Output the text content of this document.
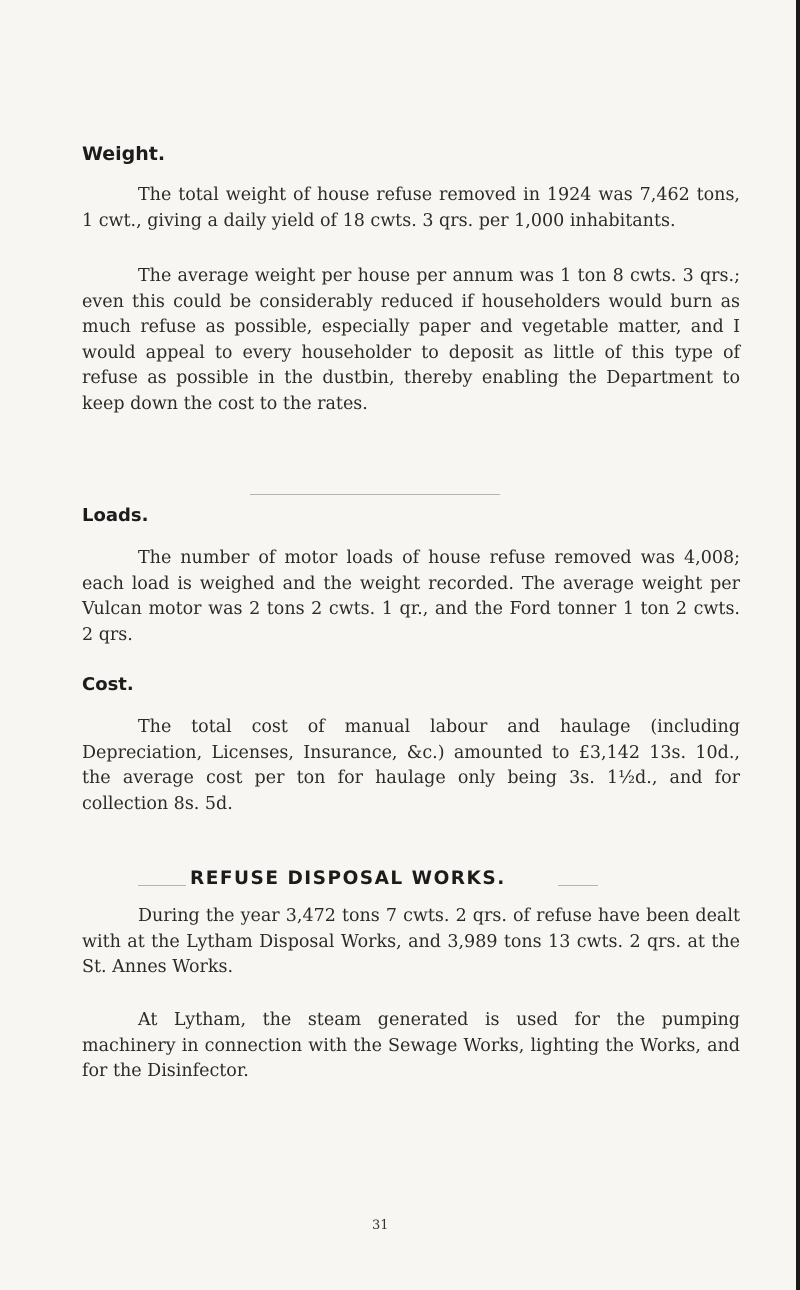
Weight.

The total weight of house refuse removed in 1924 was 7,462 tons, 1 cwt., giving a daily yield of 18 cwts. 3 qrs. per 1,000 inhabitants.

The average weight per house per annum was 1 ton 8 cwts. 3 qrs.; even this could be considerably reduced if householders would burn as much refuse as possible, especially paper and vegetable matter, and I would appeal to every householder to deposit as little of this type of refuse as possible in the dustbin, thereby enabling the Department to keep down the cost to the rates.

Loads.

The number of motor loads of house refuse removed was 4,008; each load is weighed and the weight recorded. The average weight per Vulcan motor was 2 tons 2 cwts. 1 qr., and the Ford tonner 1 ton 2 cwts. 2 qrs.

Cost.

The total cost of manual labour and haulage (including Depreciation, Licenses, Insurance, &c.) amounted to £3,142 13s. 10d., the average cost per ton for haulage only being 3s. 1½d., and for collection 8s. 5d.

REFUSE DISPOSAL WORKS.

During the year 3,472 tons 7 cwts. 2 qrs. of refuse have been dealt with at the Lytham Disposal Works, and 3,989 tons 13 cwts. 2 qrs. at the St. Annes Works.

At Lytham, the steam generated is used for the pumping machinery in connection with the Sewage Works, lighting the Works, and for the Disinfector.

31
